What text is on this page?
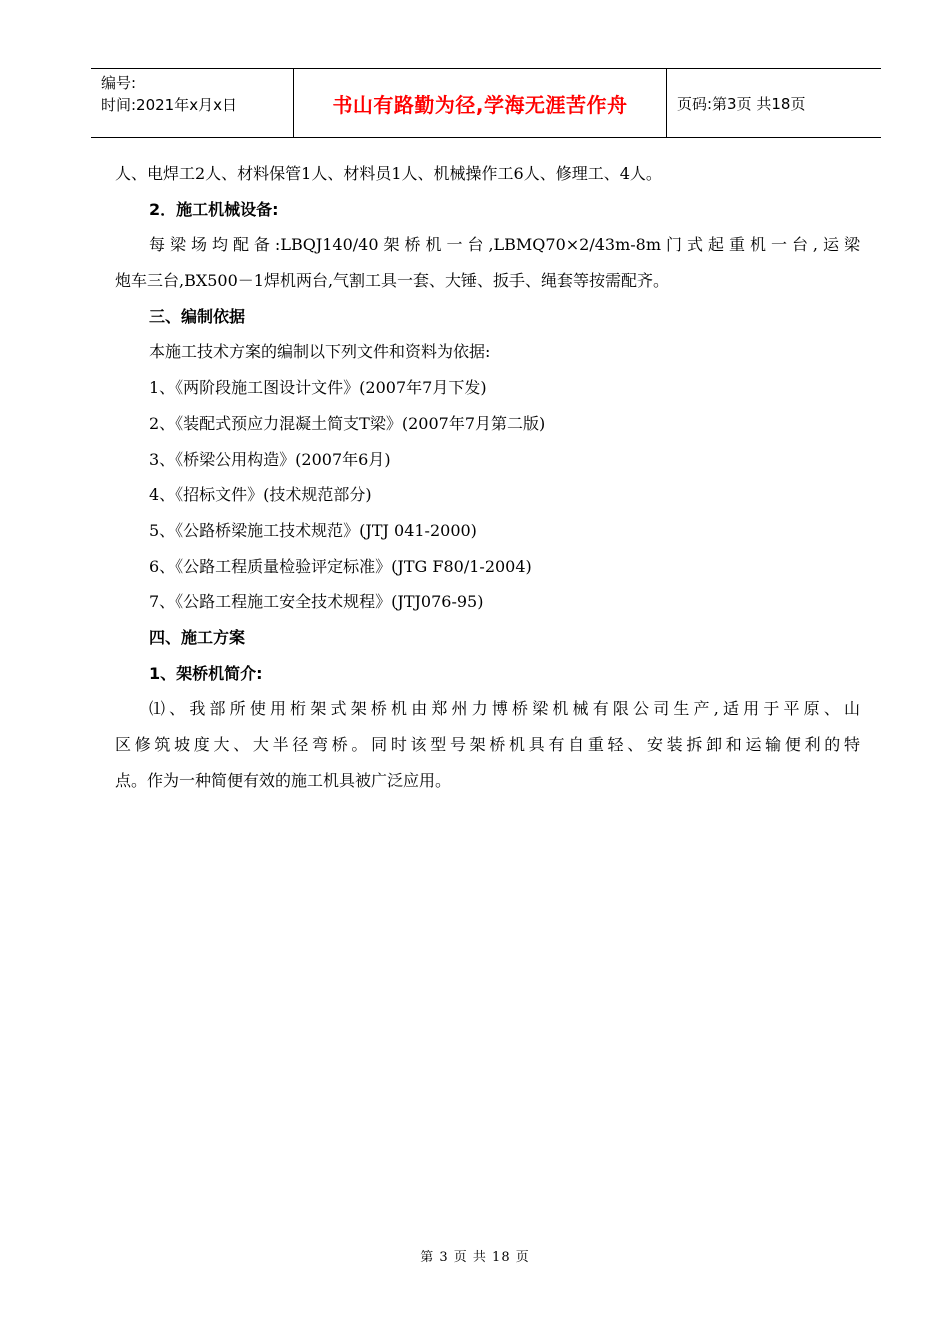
编号:
时间:2021年x月x日	书山有路勤为径,学海无涯苦作舟	页码:第3页 共18页
人、电焊工2人、材料保管1人、材料员1人、机械操作工6人、修理工、4人。
2．施工机械设备:
每梁场均配备:LBQJ140/40架桥机一台,LBMQ70×2/43m-8m门式起重机一台,运梁
炮车三台,BX500－1焊机两台,气割工具一套、大锤、扳手、绳套等按需配齐。
三、编制依据
本施工技术方案的编制以下列文件和资料为依据:
1、《两阶段施工图设计文件》(2007年7月下发)
2、《装配式预应力混凝土简支T梁》(2007年7月第二版)
3、《桥梁公用构造》(2007年6月)
4、《招标文件》(技术规范部分)
5、《公路桥梁施工技术规范》(JTJ 041-2000)
6、《公路工程质量检验评定标准》(JTG F80/1-2004)
7、《公路工程施工安全技术规程》(JTJ076-95)
四、施工方案
1、架桥机简介:
⑴、我部所使用桁架式架桥机由郑州力博桥梁机械有限公司生产,适用于平原、山
区修筑坡度大、大半径弯桥。同时该型号架桥机具有自重轻、安装拆卸和运输便利的特
点。作为一种简便有效的施工机具被广泛应用。
第 3 页 共 18 页
